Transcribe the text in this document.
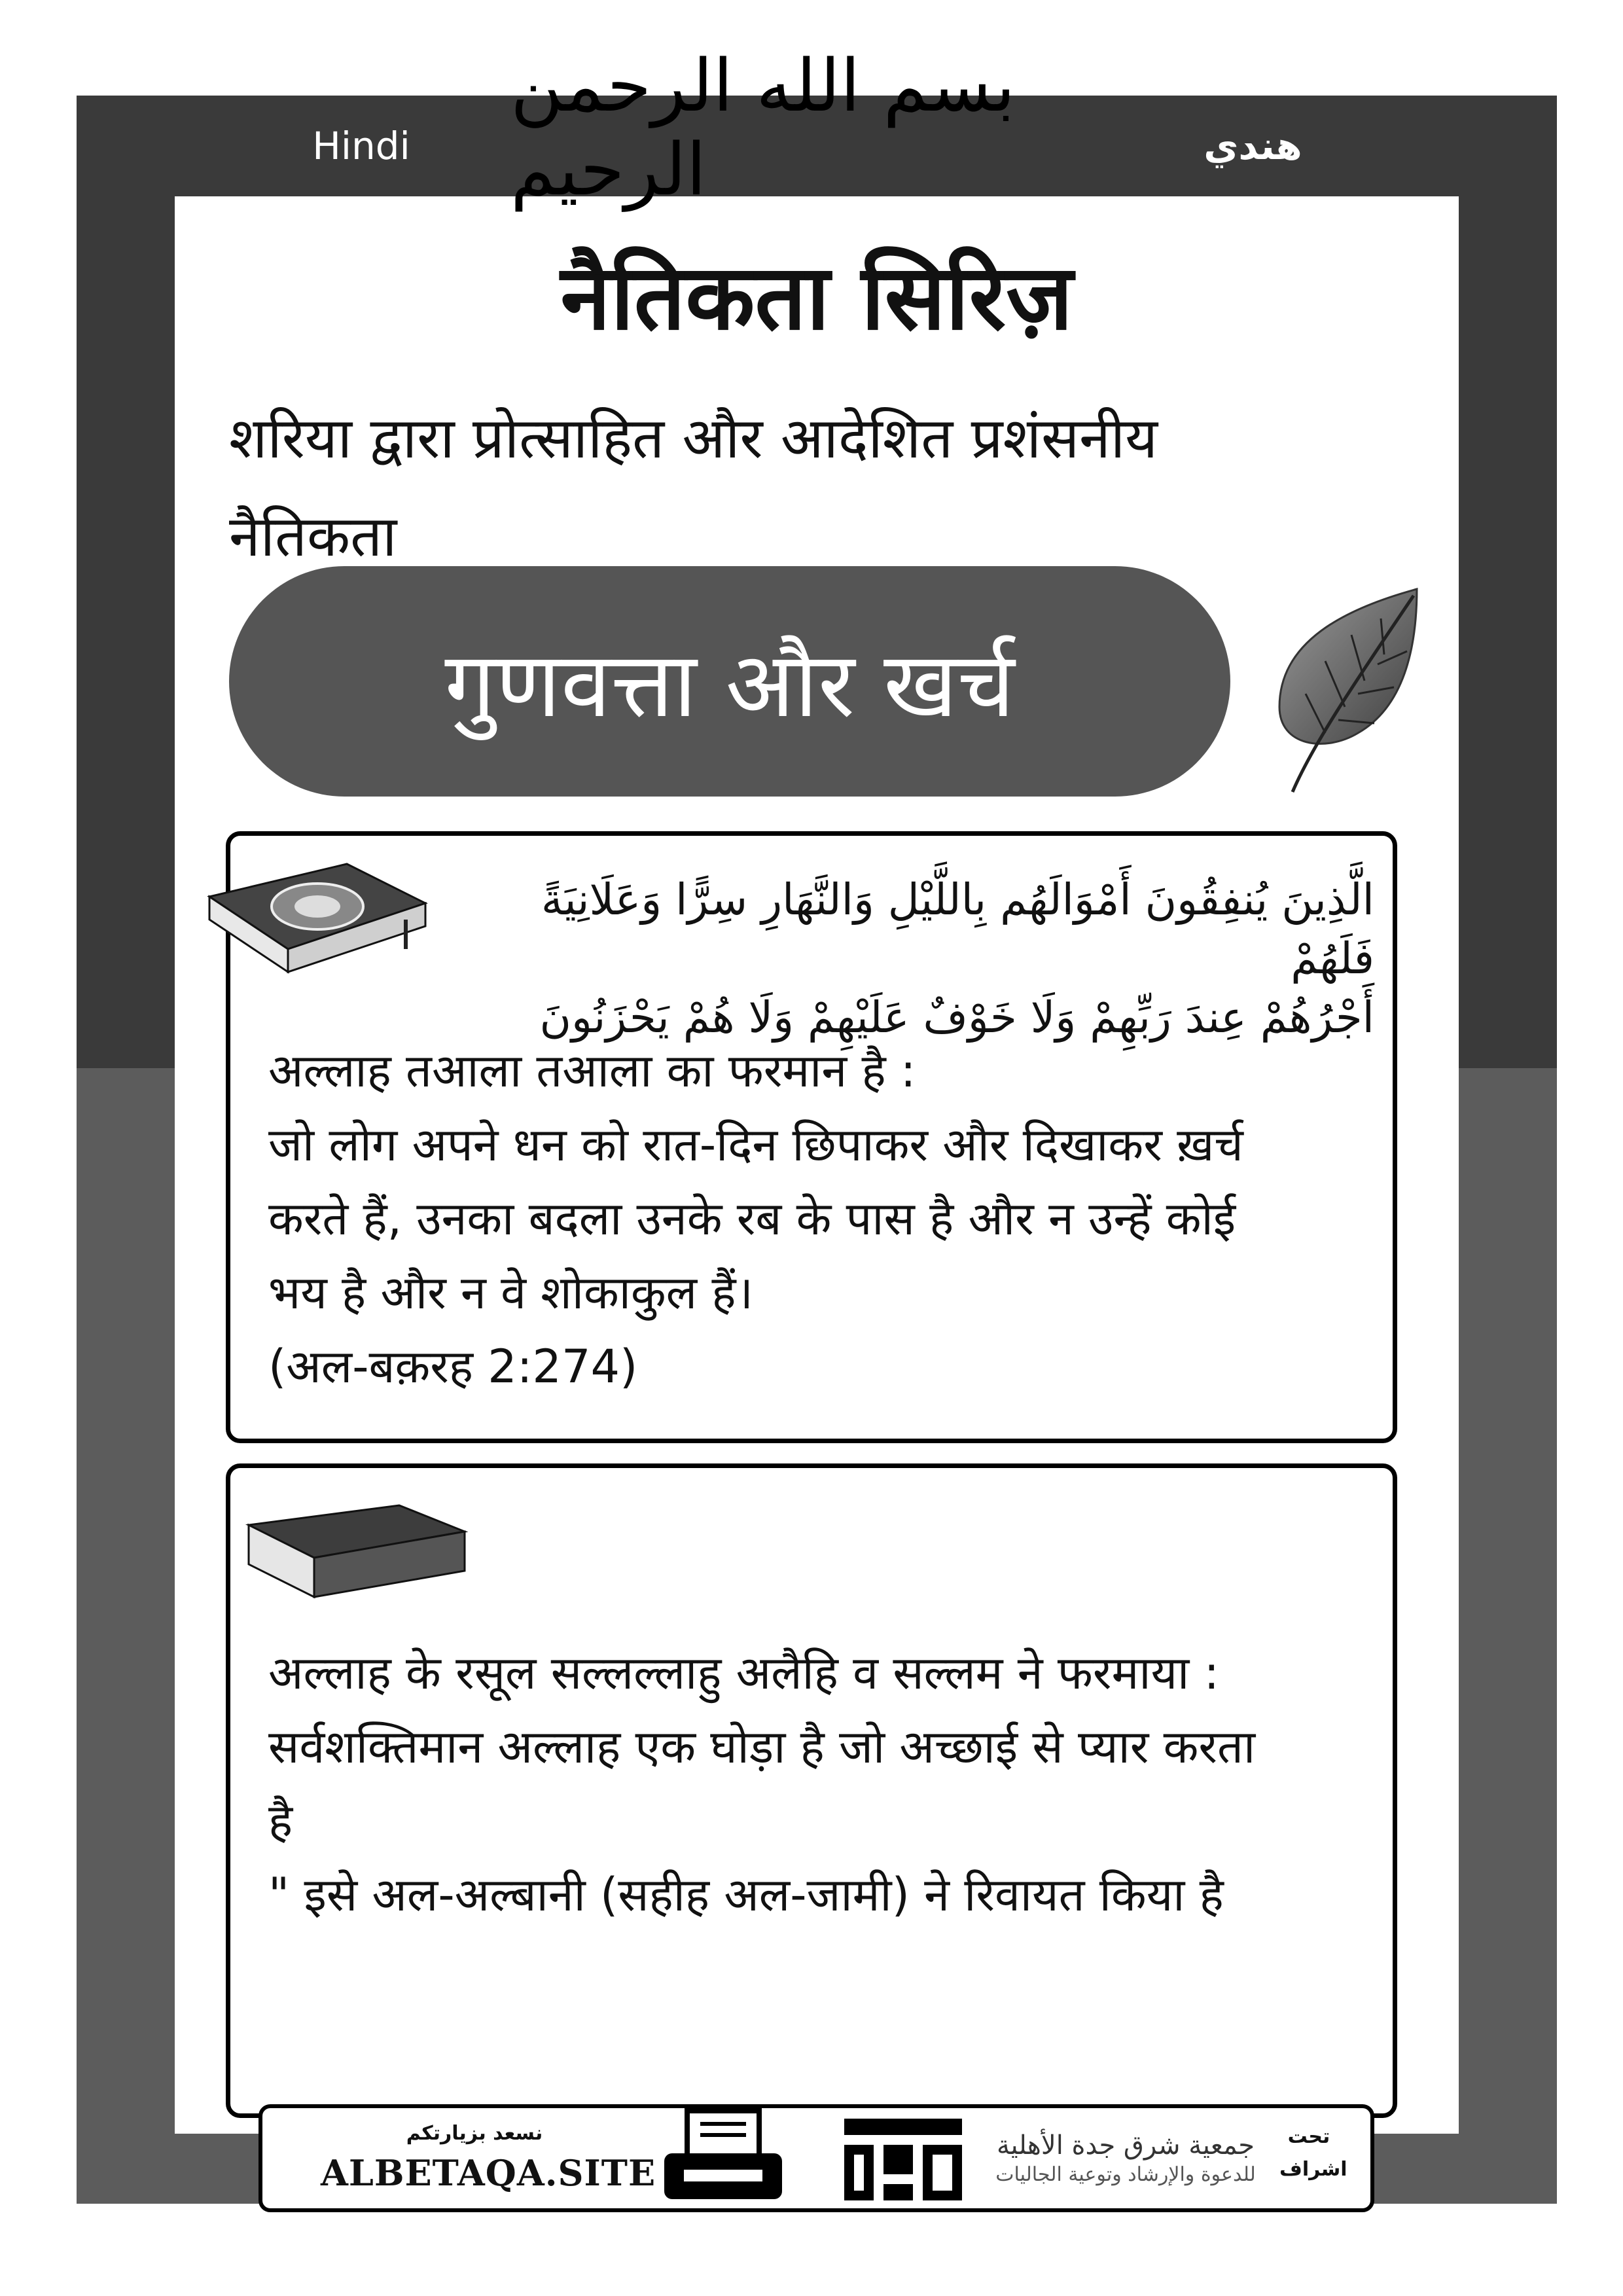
Hindi	هندي
بسم الله الرحمن الرحيم
नैतिकता सिरिज़
शरिया द्वारा प्रोत्साहित और आदेशित प्रशंसनीय
नैतिकता
गुणवत्ता और खर्च
الَّذِينَ يُنفِقُونَ أَمْوَالَهُم بِاللَّيْلِ وَالنَّهَارِ سِرًّا وَعَلَانِيَةً فَلَهُمْ
أَجْرُهُمْ عِندَ رَبِّهِمْ وَلَا خَوْفٌ عَلَيْهِمْ وَلَا هُمْ يَحْزَنُونَ
अल्लाह तआला तआला का फरमान है :
जो लोग अपने धन को रात-दिन छिपाकर और दिखाकर ख़र्च
करते हैं, उनका बदला उनके रब के पास है और न उन्हें कोई
भय है और न वे शोकाकुल हैं।
(अल-बक़रह 2:274)
अल्लाह के रसूल सल्लल्लाहु अलैहि व सल्लम ने फरमाया :
सर्वशक्तिमान अल्लाह एक घोड़ा है जो अच्छाई से प्यार करता
है
" इसे अल-अल्बानी (सहीह अल-जामी) ने रिवायत किया है
نسعد بزيارتكم
ALBETAQA.SITE
جمعية شرق جدة الأهلية
للدعوة والإرشاد وتوعية الجاليات
تحت
اشراف
